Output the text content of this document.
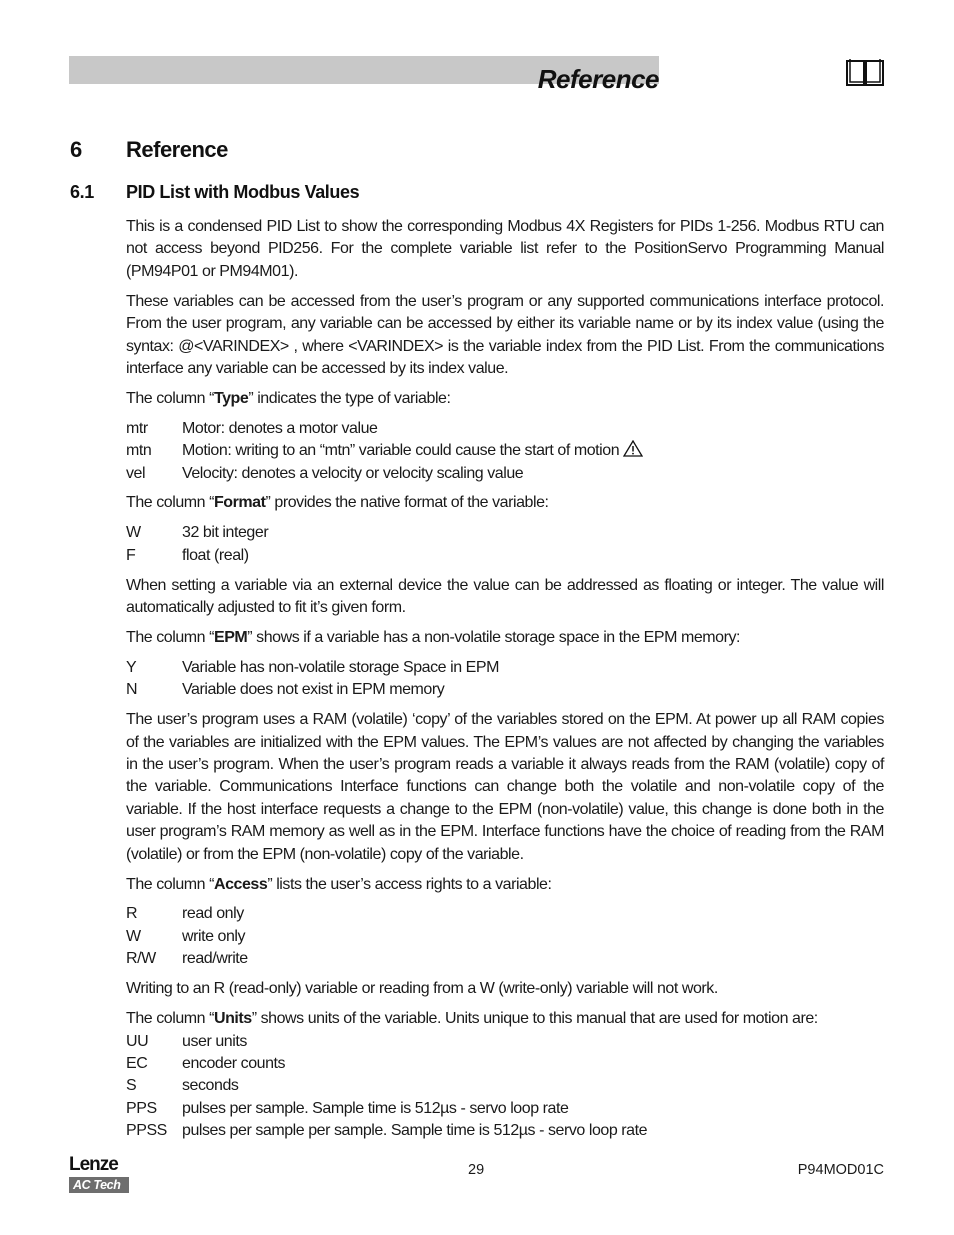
Reference
6 Reference
6.1 PID List with Modbus Values

This is a condensed PID List to show the corresponding Modbus 4X Registers for PIDs 1-256. Modbus RTU can not access beyond PID256. For the complete variable list refer to the PositionServo Programming Manual (PM94P01 or PM94M01).

These variables can be accessed from the user’s program or any supported communications interface protocol. From the user program, any variable can be accessed by either its variable name or by its index value (using the syntax: @<VARINDEX> , where <VARINDEX> is the variable index from the PID List. From the communications interface any variable can be accessed by its index value.

The column “Type” indicates the type of variable:

mtr	Motor: denotes a motor value
mtn	Motion: writing to an “mtn” variable could cause the start of motion
vel	Velocity: denotes a velocity or velocity scaling value

The column “Format” provides the native format of the variable:

W	32 bit integer
F	float (real)

When setting a variable via an external device the value can be addressed as floating or integer. The value will automatically adjusted to fit it’s given form.

The column “EPM” shows if a variable has a non-volatile storage space in the EPM memory:

Y	Variable has non-volatile storage Space in EPM
N	Variable does not exist in EPM memory

The user’s program uses a RAM (volatile) ‘copy’ of the variables stored on the EPM. At power up all RAM copies of the variables are initialized with the EPM values. The EPM’s values are not affected by changing the variables in the user’s program. When the user’s program reads a variable it always reads from the RAM (volatile) copy of the variable. Communications Interface functions can change both the volatile and non-volatile copy of the variable. If the host interface requests a change to the EPM (non-volatile) value, this change is done both in the user program’s RAM memory as well as in the EPM. Interface functions have the choice of reading from the RAM (volatile) or from the EPM (non-volatile) copy of the variable.

The column “Access” lists the user’s access rights to a variable:

R	read only
W	write only
R/W	read/write

Writing to an R (read-only) variable or reading from a W (write-only) variable will not work.

The column “Units” shows units of the variable. Units unique to this manual that are used for motion are:

UU	user units
EC	encoder counts
S	seconds
PPS	pulses per sample. Sample time is 512µs - servo loop rate
PPSS pulses per sample per sample. Sample time is 512µs - servo loop rate
Lenze
AC Tech
29	P94MOD01C
